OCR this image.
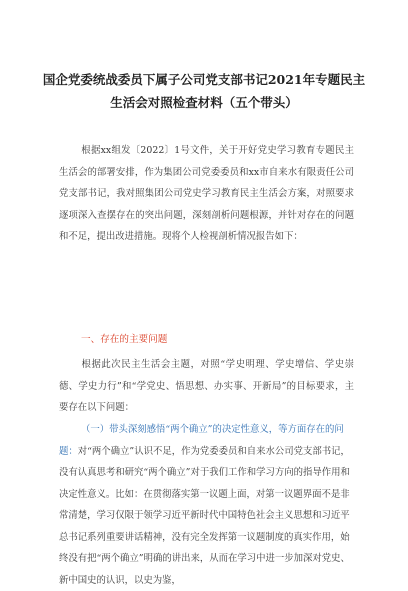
国企党委统战委员下属子公司党支部书记2021年专题民主
生活会对照检查材料（五个带头）
根据xx组发〔2022〕1号文件，关于开好党史学习教育专题民主生活会的部署安排，作为集团公司党委委员和xx市自来水有限责任公司党支部书记，我对照集团公司党史学习教育民主生活会方案，对照要求逐项深入查摆存在的突出问题，深刻剖析问题根源，并针对存在的问题和不足，提出改进措施。现将个人检视剖析情况报告如下：
一、存在的主要问题
根据此次民主生活会主题，对照“学史明理、学史增信、学史崇德、学史力行”和“学党史、悟思想、办实事、开新局”的目标要求，主要存在以下问题：
（一）带头深刻感悟“两个确立”的决定性意义，等方面存在的问题：对“两个确立”认识不足，作为党委委员和自来水公司党支部书记，没有认真思考和研究“两个确立”对于我们工作和学习方向的指导作用和决定性意义。比如：在贯彻落实第一议题上面，对第一议题界面不是非常清楚，学习仅限于领学习近平新时代中国特色社会主义思想和习近平总书记系列重要讲话精神，没有完全发挥第一议题制度的真实作用，始终没有把“两个确立”明确的讲出来，从而在学习中进一步加深对党史、新中国史的认识，以史为鉴，
